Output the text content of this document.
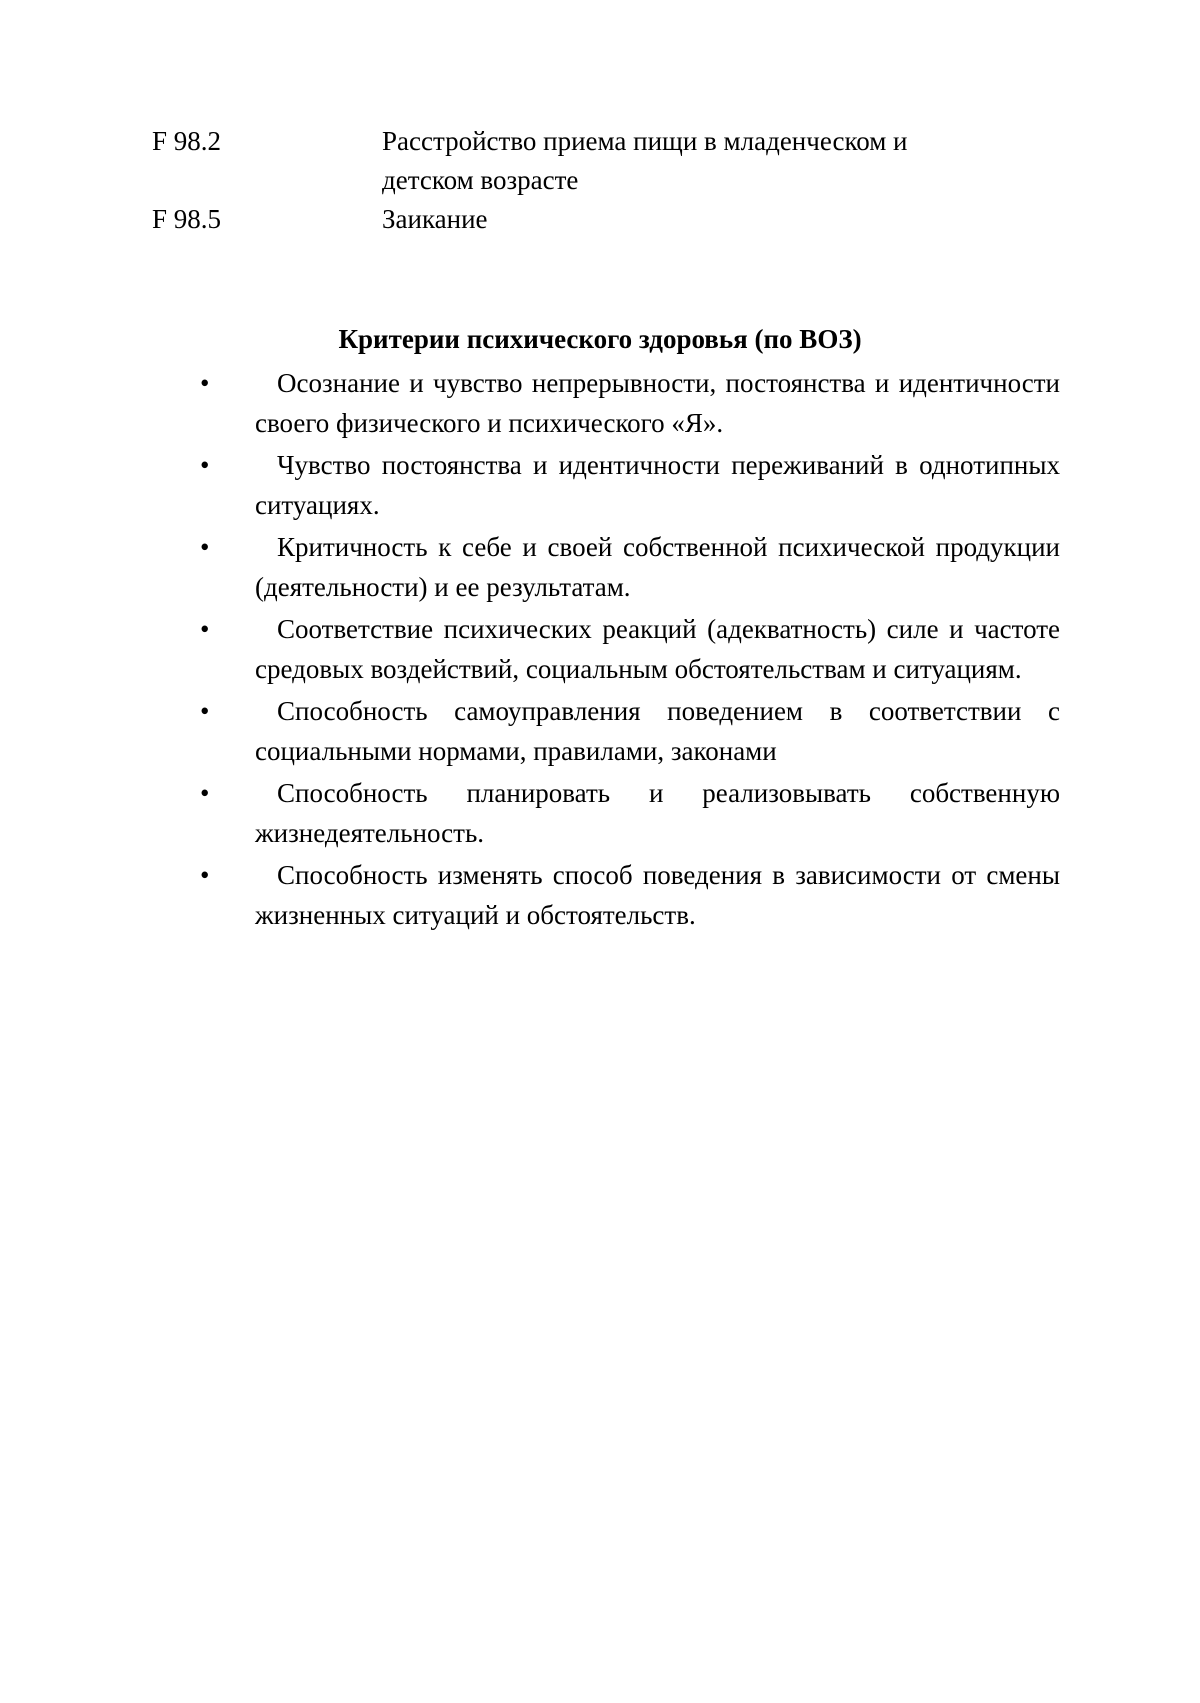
F 98.2	Расстройство приема пищи в младенческом и детском возрасте
F 98.5	Заикание
Критерии психического здоровья (по ВОЗ)
•	Осознание и чувство непрерывности, постоянства и идентичности своего физического и психического «Я».
•	Чувство постоянства и идентичности переживаний в однотипных ситуациях.
•	Критичность к себе и своей собственной психической продукции (деятельности) и ее результатам.
•	Соответствие психических реакций (адекватность) силе и частоте средовых воздействий, социальным обстоятельствам и ситуациям.
•	Способность самоуправления поведением в соответствии с социальными нормами, правилами, законами
•	Способность планировать и реализовывать собственную жизнедеятельность.
•	Способность изменять способ поведения в зависимости от смены жизненных ситуаций и обстоятельств.
